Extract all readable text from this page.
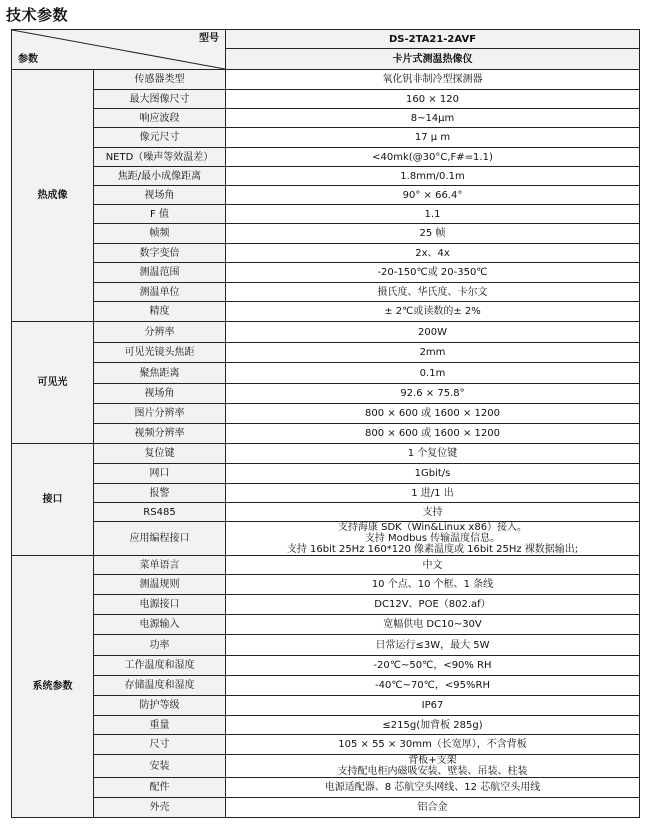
技术参数
型号
参数		DS-2TA21-2AVF
		卡片式测温热像仪
热成像	传感器类型	氧化钒非制冷型探测器

	最大图像尺寸	160 × 120

	响应波段	8~14μm

	像元尺寸	17 μ m

	NETD（噪声等效温差）	<40mk(@30°C,F#=1.1)

	焦距/最小成像距离	1.8mm/0.1m

	视场角	90° × 66.4°

	F 值	1.1

	帧频	25 帧

	数字变倍	2x、4x

	测温范围	-20-150℃或 20-350℃

	测温单位	摄氏度、华氏度、卡尔文

	精度	± 2℃或读数的± 2%

可见光	分辨率	200W

	可见光镜头焦距	2mm

	聚焦距离	0.1m

	视场角	92.6 × 75.8°

	图片分辨率	800 × 600 或 1600 × 1200

	视频分辨率	800 × 600 或 1600 × 1200

接口	复位键	1 个复位键

	网口	1Gbit/s

	报警	1 进/1 出

	RS485	支持

	应用编程接口	支持海康 SDK（Win&Linux x86）接入。
支持 Modbus 传输温度信息。
支持 16bit 25Hz 160*120 像素温度或 16bit 25Hz 裸数据输出;

系统参数	菜单语言	中文

	测温规则	10 个点、10 个框、1 条线

	电源接口	DC12V、POE（802.af）

	电源输入	宽幅供电 DC10~30V

	功率	日常运行≤3W，最大 5W

	工作温度和湿度	-20℃~50℃，<90% RH

	存储温度和湿度	-40℃~70℃，<95%RH

	防护等级	IP67

	重量	≤215g(加背板 285g)

	尺寸	105 × 55 × 30mm（长宽厚），不含背板

	安装	背板+支架
支持配电柜内磁吸安装、壁装、吊装、柱装

	配件	电源适配器、8 芯航空头网线、12 芯航空头用线

	外壳	铝合金
